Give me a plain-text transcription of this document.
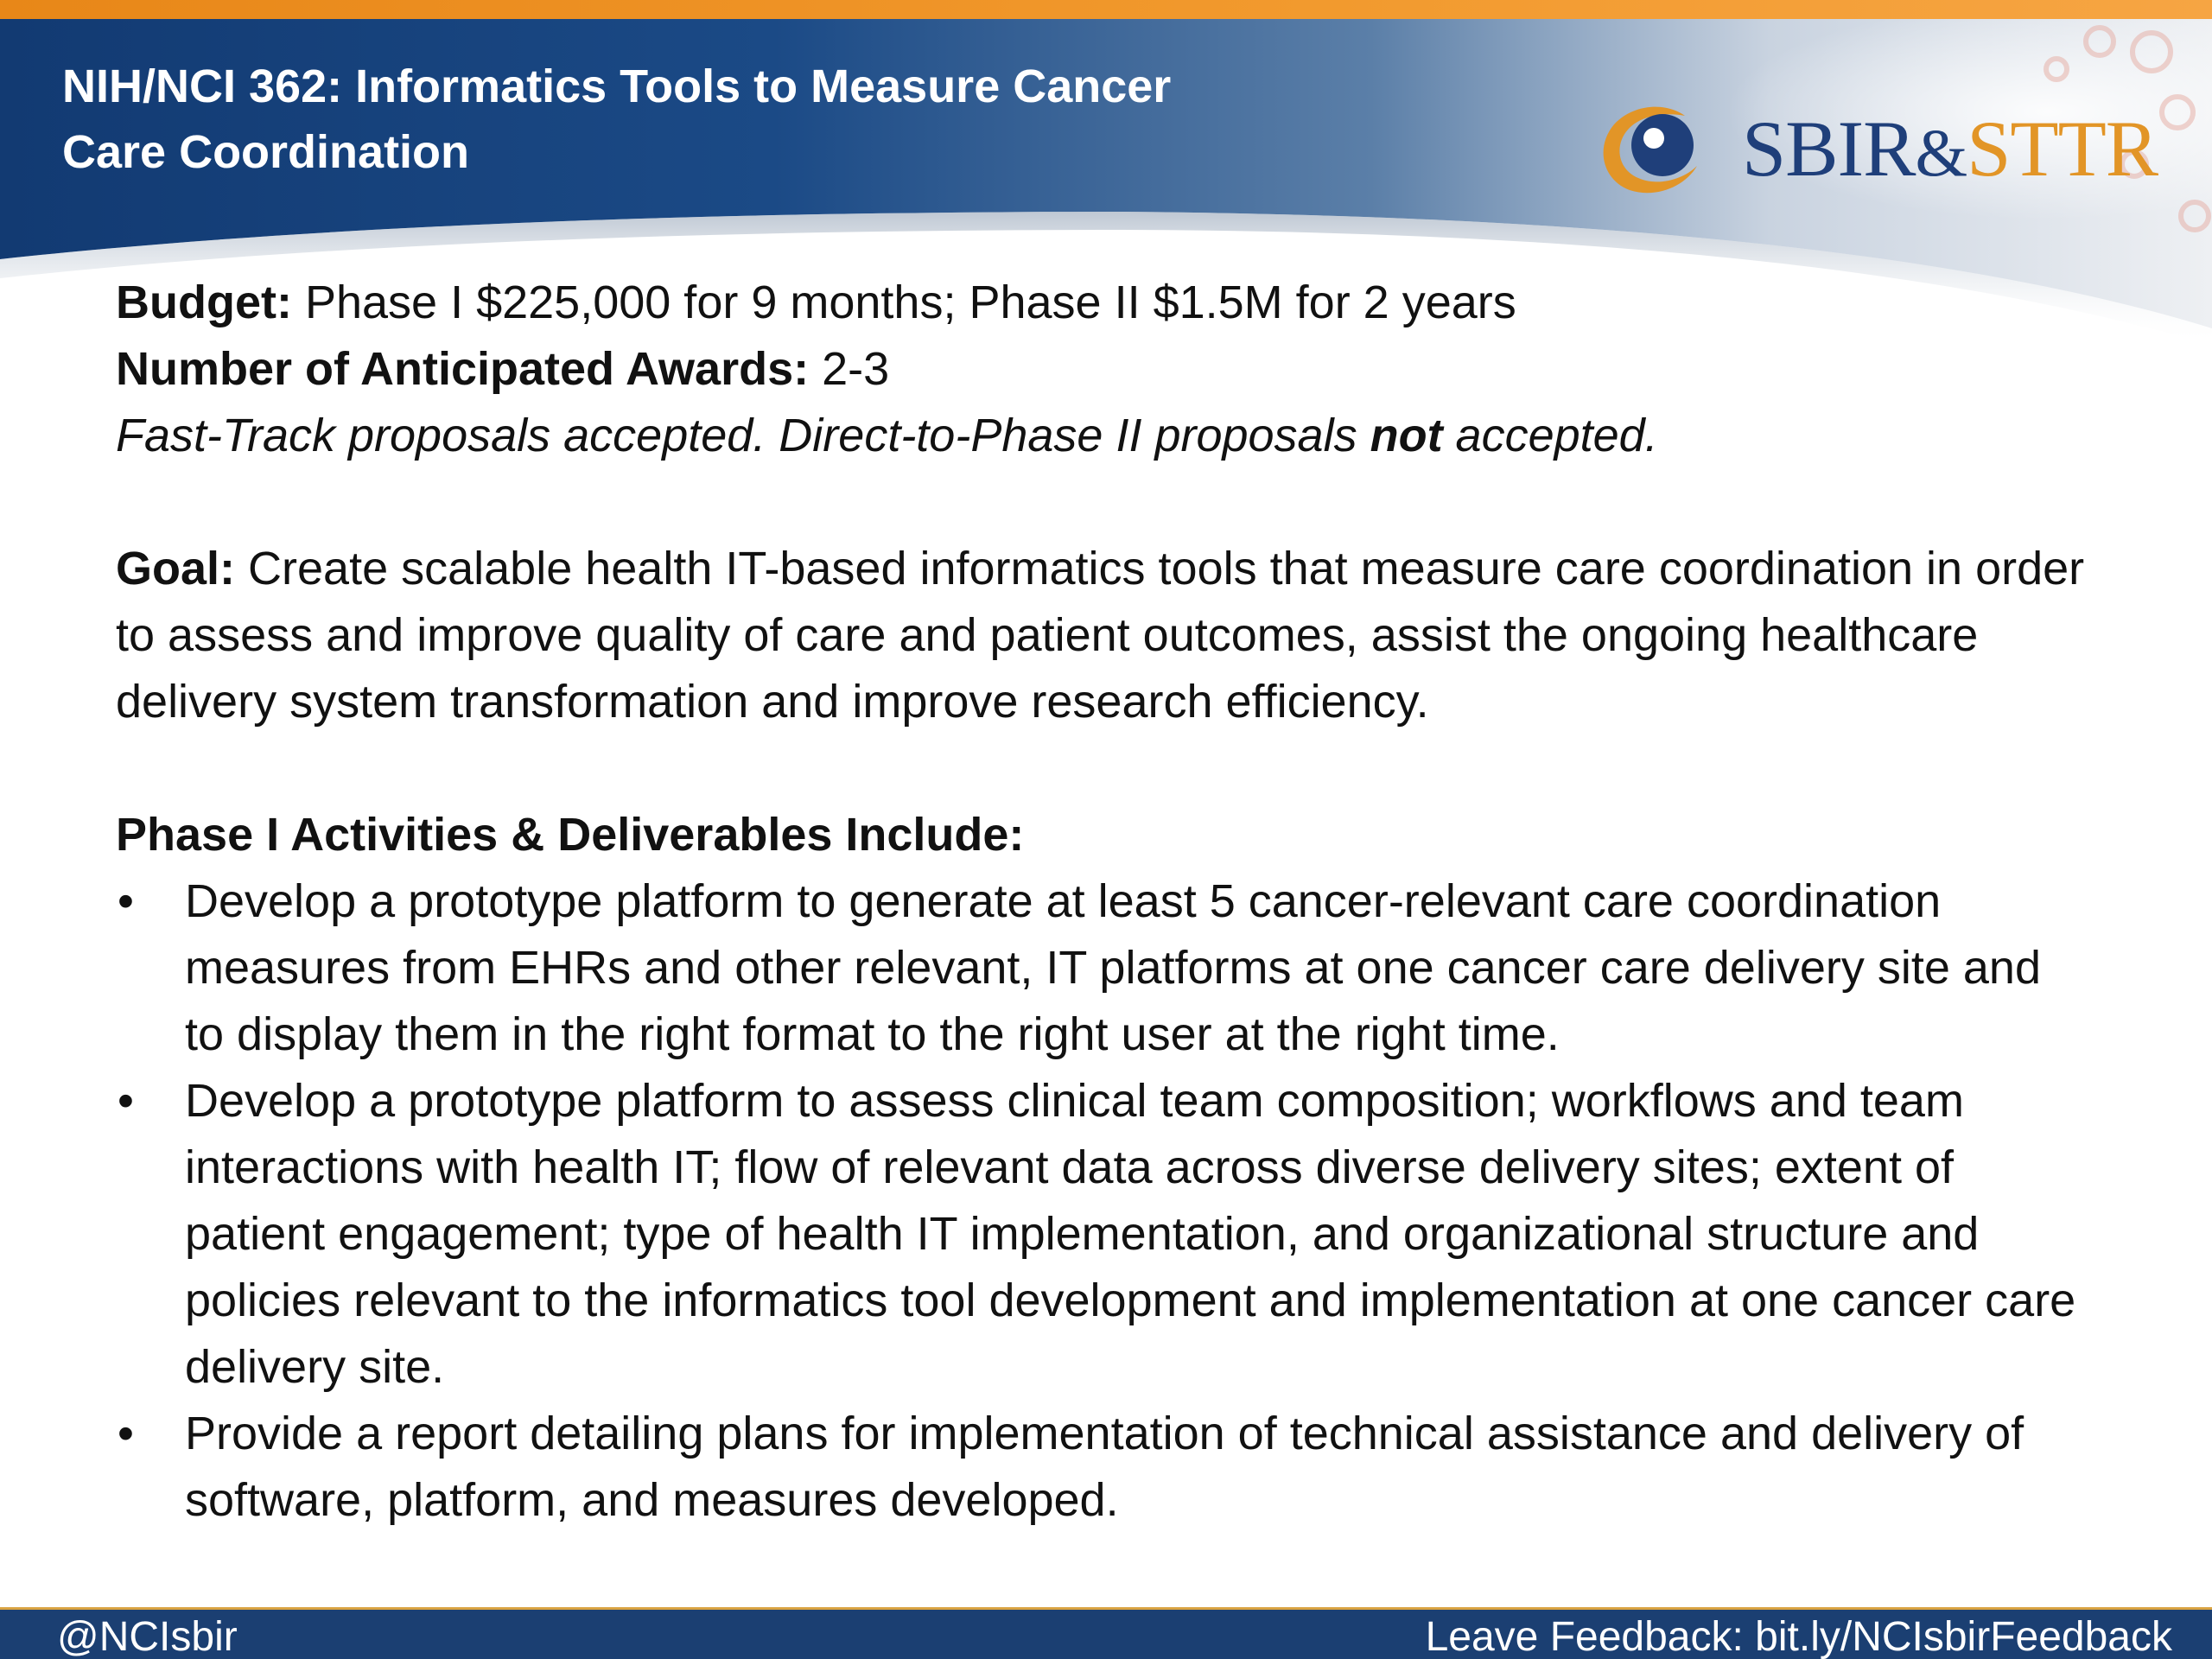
NIH/NCI 362: Informatics Tools to Measure Cancer
Care Coordination	SBIR&STTR

Budget: Phase I $225,000 for 9 months; Phase II $1.5M for 2 years

Number of Anticipated Awards: 2-3

Fast-Track proposals accepted. Direct-to-Phase II proposals not accepted.

Goal: Create scalable health IT-based informatics tools that measure care coordination in order to assess and improve quality of care and patient outcomes, assist the ongoing healthcare delivery system transformation and improve research efficiency.

Phase I Activities & Deliverables Include:

•	Develop a prototype platform to generate at least 5 cancer-relevant care coordination measures from EHRs and other relevant, IT platforms at one cancer care delivery site and to display them in the right format to the right user at the right time.
•	Develop a prototype platform to assess clinical team composition; workflows and team interactions with health IT; flow of relevant data across diverse delivery sites; extent of patient engagement; type of health IT implementation, and organizational structure and policies relevant to the informatics tool development and implementation at one cancer care delivery site.
•	Provide a report detailing plans for implementation of technical assistance and delivery of software, platform, and measures developed.
@NCIsbir	Leave Feedback: bit.ly/NCIsbirFeedback
